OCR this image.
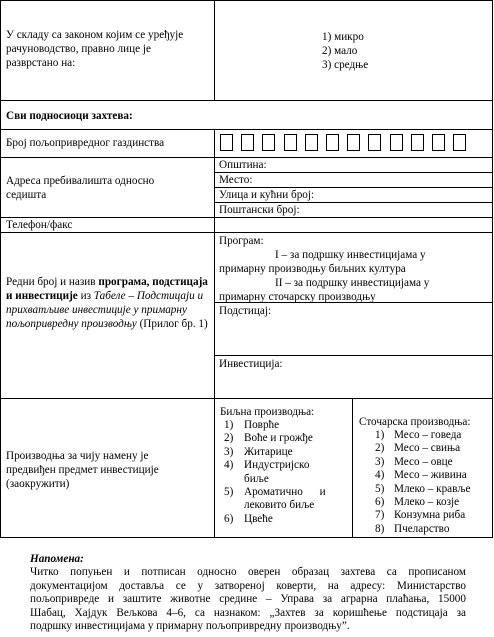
У складу са законом којим се уређује
рачуноводство, правно лице је
разврстано на:
1) микро
2) мало
3) средње
Сви подносиоци захтева:
Број пољопривредног газдинства
Адреса пребивалишта односно
седишта
Општина:
Место:
Улица и кућни број:
Поштански број:
Телефон/факс
Редни број и назив програма, подстицаја и инвестиције из Табеле – Подстицаји и прихватљиве инвестиције у примарну пољопривредну производњу (Прилог бр. 1)
Програм:
I – за подршку инвестицијама у
примарну производњу биљних култура
II – за подршку инвестицијама у
примарну сточарску производњу
Подстицај:
Инвестиција:
Производња за чију намену је
предвиђен предмет инвестиције
(заокружити)
Биљна производња:
1) Поврће
2) Воће и грожђе
3) Житарице
4) Индустријско
биље
5) Ароматично      и
лековито биље
6) Цвеће
Сточарска производња:
1) Месо – говеда
2) Месо – свиња
3) Месо – овце
4) Месо – живина
5) Млеко – крављe
6) Млеко – козје
7) Конзумна риба
8) Пчеларство
Напомена:
Читко попуњен и потписан односно оверен образац захтева са прописаном
документацијом доставља се у затвореној коверти, на адресу: Министарство
пољопривреде и заштите животне средине – Управа за аграрна плаћања, 15000
Шабац, Хајдук Вељкова 4–6, са назнаком: „Захтев за коришћење подстицаја за
подршку инвестицијама у примарну пољопривредну производњу”.
